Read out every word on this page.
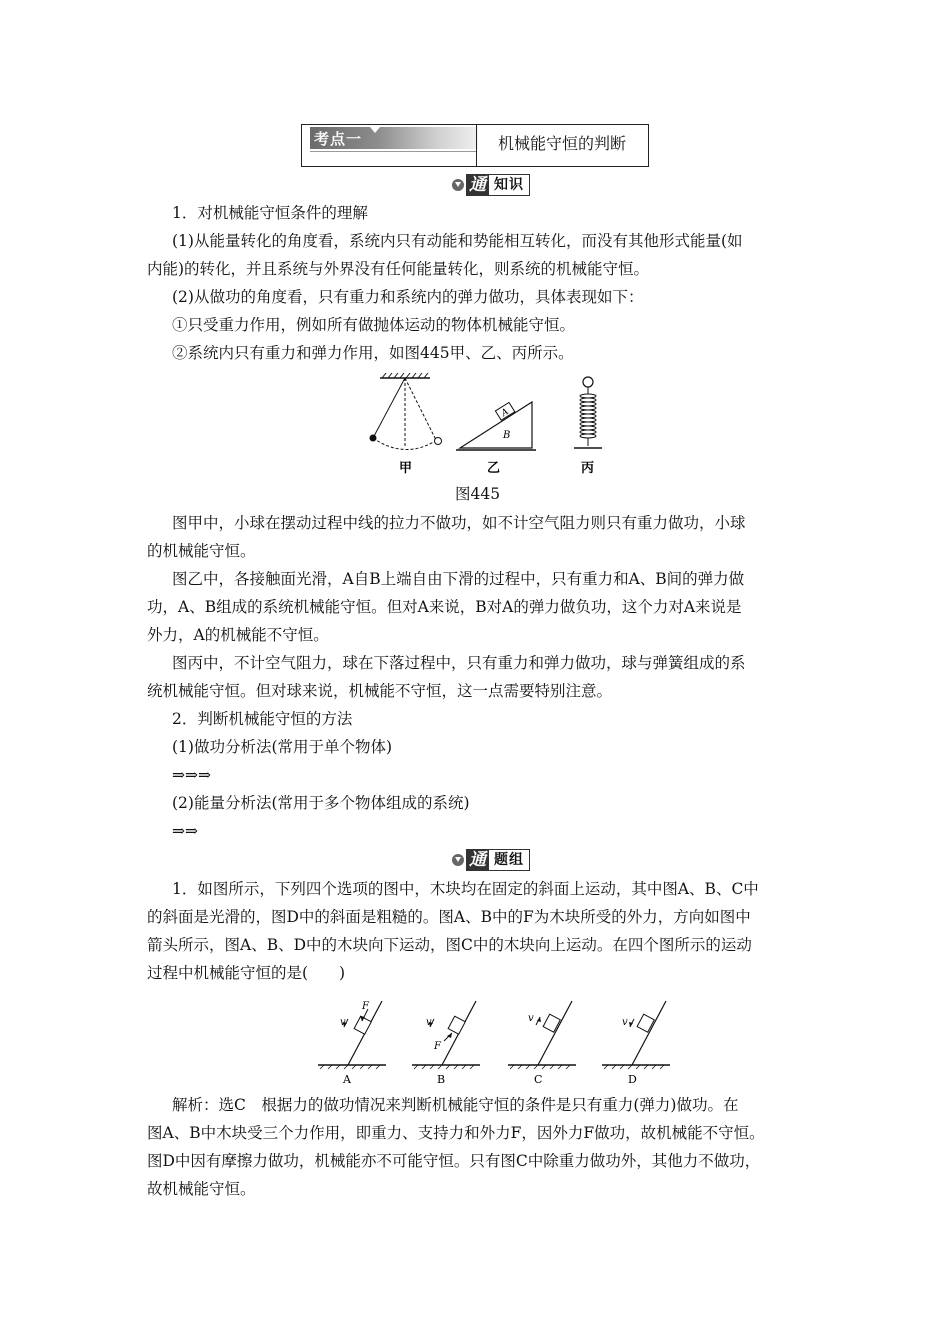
考点一	机械能守恒的判断
通 知识
1．对机械能守恒条件的理解
(1)从能量转化的角度看，系统内只有动能和势能相互转化，而没有其他形式能量(如
内能)的转化，并且系统与外界没有任何能量转化，则系统的机械能守恒。
(2)从做功的角度看，只有重力和系统内的弹力做功，具体表现如下：
①只受重力作用，例如所有做抛体运动的物体机械能守恒。
②系统内只有重力和弹力作用，如图445甲、乙、丙所示。
甲
A
B
乙	丙
图445
图甲中，小球在摆动过程中线的拉力不做功，如不计空气阻力则只有重力做功，小球
的机械能守恒。
图乙中，各接触面光滑，A自B上端自由下滑的过程中，只有重力和A、B间的弹力做
功，A、B组成的系统机械能守恒。但对A来说，B对A的弹力做负功，这个力对A来说是
外力，A的机械能不守恒。
图丙中，不计空气阻力，球在下落过程中，只有重力和弹力做功，球与弹簧组成的系
统机械能守恒。但对球来说，机械能不守恒，这一点需要特别注意。
2．判断机械能守恒的方法
(1)做功分析法(常用于单个物体)
⇒⇒⇒
(2)能量分析法(常用于多个物体组成的系统)
⇒⇒
通 题组
1．如图所示，下列四个选项的图中，木块均在固定的斜面上运动，其中图A、B、C中
的斜面是光滑的，图D中的斜面是粗糙的。图A、B中的F为木块所受的外力，方向如图中
箭头所示，图A、B、D中的木块向下运动，图C中的木块向上运动。在四个图所示的运动
过程中机械能守恒的是(　　)
F
v
A
F
v
B
v
C
v
D
解析：选C　根据力的做功情况来判断机械能守恒的条件是只有重力(弹力)做功。在
图A、B中木块受三个力作用，即重力、支持力和外力F，因外力F做功，故机械能不守恒。
图D中因有摩擦力做功，机械能亦不可能守恒。只有图C中除重力做功外，其他力不做功，
故机械能守恒。
